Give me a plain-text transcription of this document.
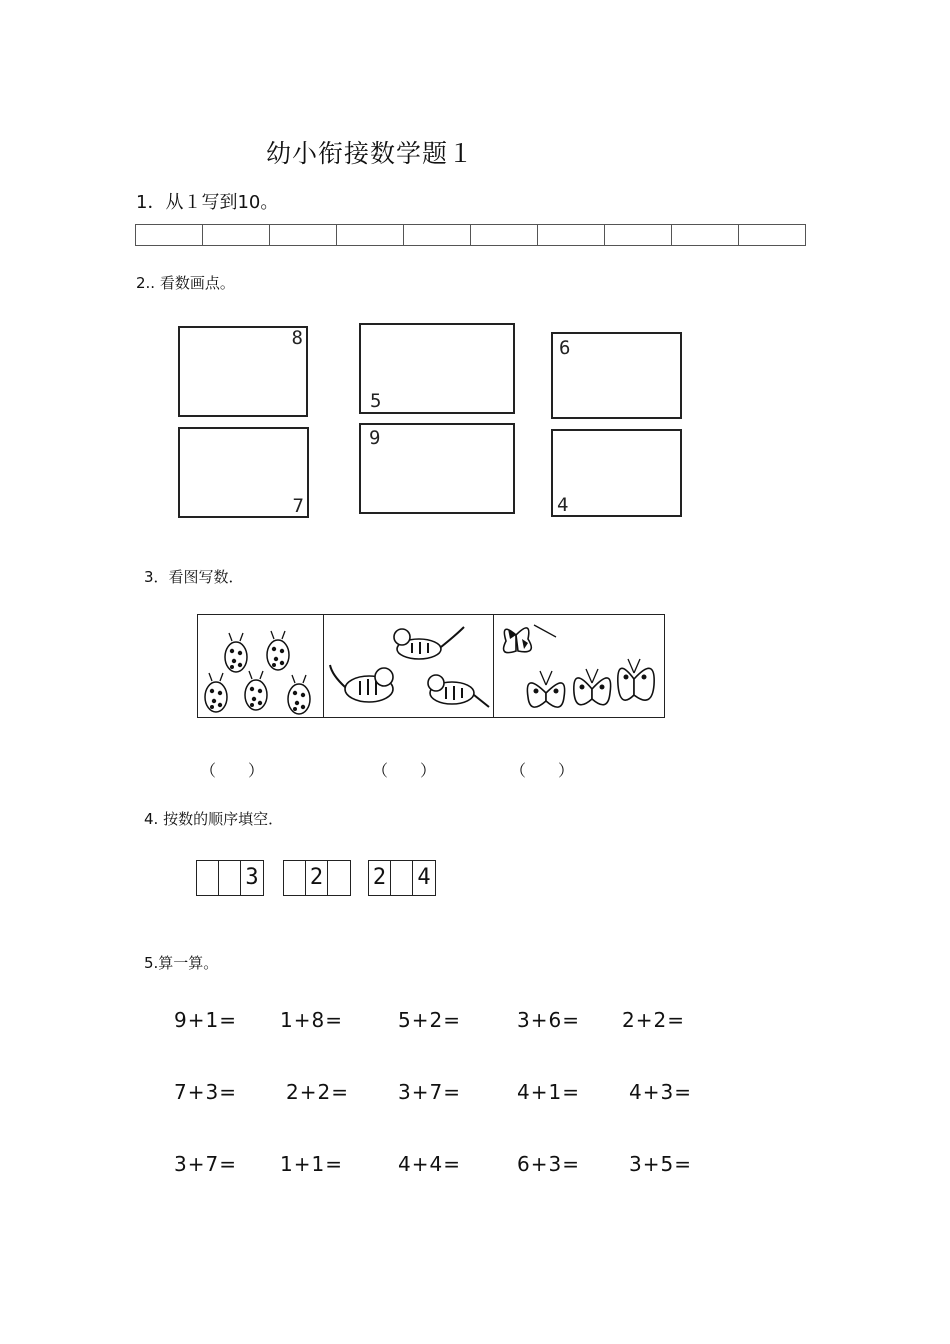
幼小衔接数学题１
1．从１写到10。

2.. 看数画点。
8
5
6
7
9
4
3．看图写数．
（　　）	（　　）	（　　）
4. 按数的顺序填空．
3 2 2 4
5.算一算。
9+1= 1+8=	5+2=	3+6= 2+2=
7+3= 2+2= 3+7=	4+1= 4+3=
3+7= 1+1=	4+4=	6+3= 3+5=
